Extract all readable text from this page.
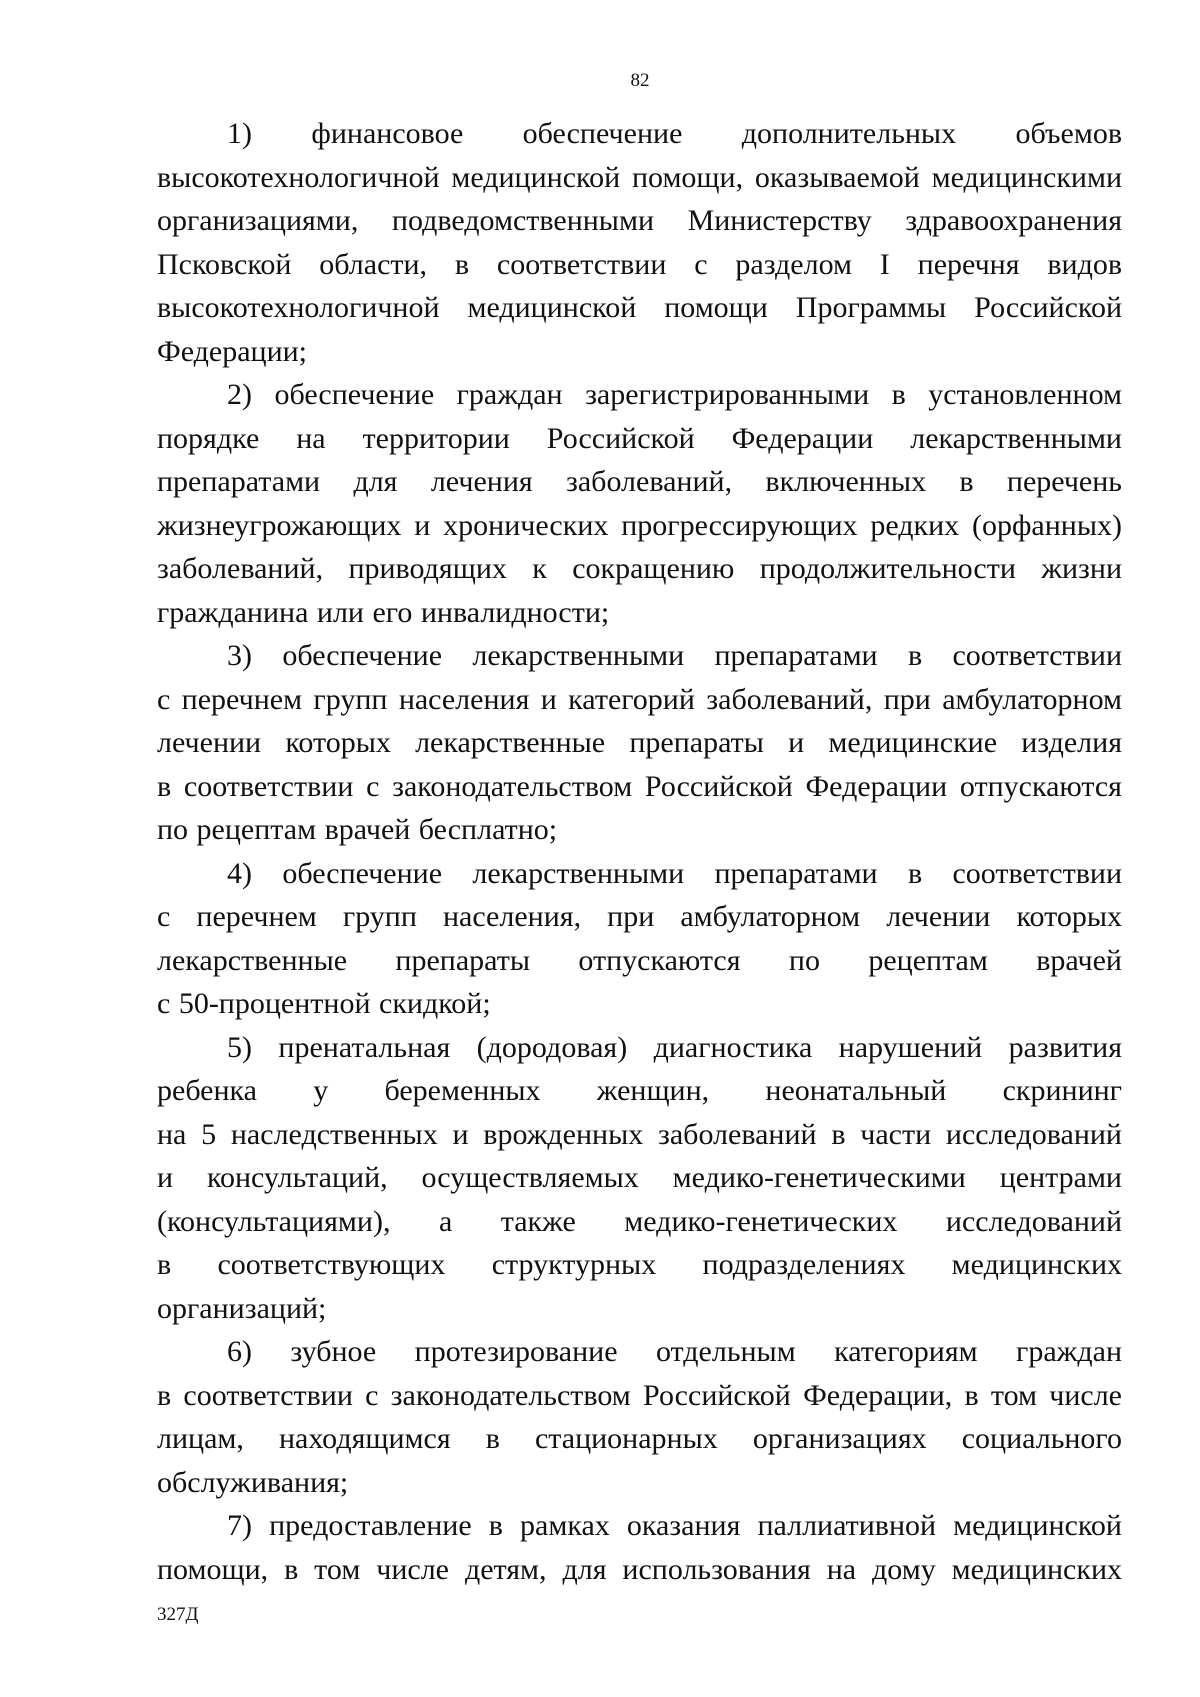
82

1)      финансовое      обеспечение      дополнительных      объемов
высокотехнологичной медицинской помощи, оказываемой медицинскими
организациями, подведомственными Министерству здравоохранения
Псковской области, в соответствии с разделом I перечня видов
высокотехнологичной медицинской помощи Программы Российской
Федерации;

2) обеспечение граждан зарегистрированными в установленном
порядке на территории Российской Федерации лекарственными
препаратами для лечения заболеваний, включенных в перечень
жизнеугрожающих и хронических прогрессирующих редких (орфанных)
заболеваний, приводящих к сокращению продолжительности жизни
гражданина или его инвалидности;

3) обеспечение лекарственными препаратами в соответствии
с перечнем групп населения и категорий заболеваний, при амбулаторном
лечении которых лекарственные препараты и медицинские изделия
в соответствии с законодательством Российской Федерации отпускаются
по рецептам врачей бесплатно;

4) обеспечение лекарственными препаратами в соответствии
с перечнем групп населения, при амбулаторном лечении которых
лекарственные препараты отпускаются по рецептам врачей
с 50-процентной скидкой;

5) пренатальная (дородовая) диагностика нарушений развития
ребенка у беременных женщин, неонатальный скрининг
на 5 наследственных и врожденных заболеваний в части исследований
и консультаций, осуществляемых медико-генетическими центрами
(консультациями), а также медико-генетических исследований
в соответствующих структурных подразделениях медицинских
организаций;

6) зубное протезирование отдельным категориям граждан
в соответствии с законодательством Российской Федерации, в том числе
лицам, находящимся в стационарных организациях социального
обслуживания;

7) предоставление в рамках оказания паллиативной медицинской
помощи, в том числе детям, для использования на дому медицинских

327Д
